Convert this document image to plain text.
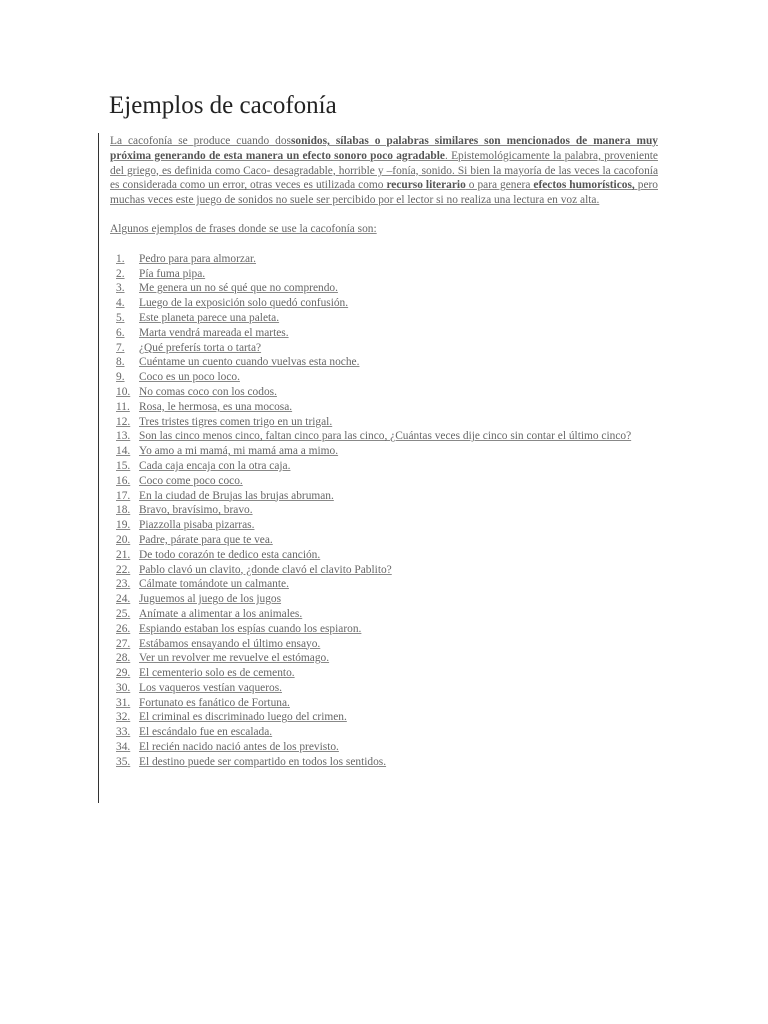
Ejemplos de cacofonía

La cacofonía se produce cuando dossonidos, sílabas o palabras similares son mencionados de manera muy próxima generando de esta manera un efecto sonoro poco agradable. Epistemológicamente la palabra, proveniente del griego, es definida como Caco- desagradable, horrible y –fonía, sonido. Si bien la mayoría de las veces la cacofonía es considerada como un error, otras veces es utilizada como recurso literario o para genera efectos humorísticos, pero muchas veces este juego de sonidos no suele ser percibido por el lector si no realiza una lectura en voz alta.

Algunos ejemplos de frases donde se use la cacofonía son:

1.	Pedro para para almorzar.
2.	Pía fuma pipa.
3.	Me genera un no sé qué que no comprendo.
4.	Luego de la exposición solo quedó confusión.
5.	Este planeta parece una paleta.
6.	Marta vendrá mareada el martes.
7.	¿Qué preferís torta o tarta?
8.	Cuéntame un cuento cuando vuelvas esta noche.
9.	Coco es un poco loco.
10. No comas coco con los codos.
11. Rosa, le hermosa, es una mocosa.
12. Tres tristes tigres comen trigo en un trigal.
13. Son las cinco menos cinco, faltan cinco para las cinco, ¿Cuántas veces dije cinco sin contar el último cinco?
14. Yo amo a mi mamá, mi mamá ama a mimo.
15. Cada caja encaja con la otra caja.
16. Coco come poco coco.
17. En la ciudad de Brujas las brujas abruman.
18. Bravo, bravísimo, bravo.
19. Piazzolla pisaba pizarras.
20. Padre, párate para que te vea.
21. De todo corazón te dedico esta canción.
22. Pablo clavó un clavito, ¿donde clavó el clavito Pablito?
23. Cálmate tomándote un calmante.
24. Juguemos al juego de los jugos
25. Anímate a alimentar a los animales.
26. Espiando estaban los espías cuando los espiaron.
27. Estábamos ensayando el último ensayo.
28. Ver un revolver me revuelve el estómago.
29. El cementerio solo es de cemento.
30. Los vaqueros vestían vaqueros.
31. Fortunato es fanático de Fortuna.
32. El criminal es discriminado luego del crimen.
33. El escándalo fue en escalada.
34. El recién nacido nació antes de los previsto.
35. El destino puede ser compartido en todos los sentidos.
